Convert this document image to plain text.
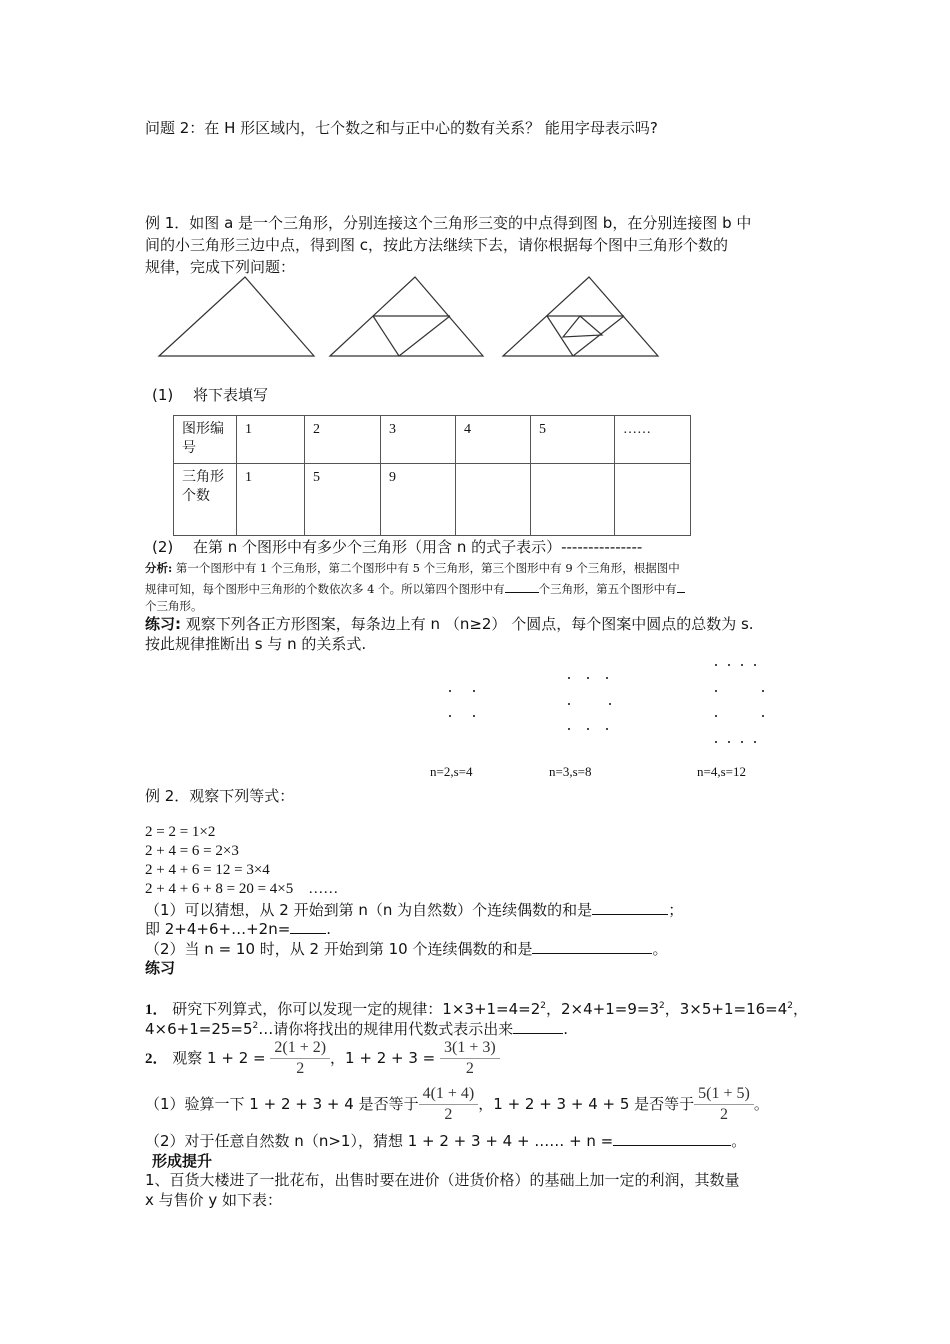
问题 2：在 H 形区域内，七个数之和与正中心的数有关系？ 能用字母表示吗?
例 1．如图 a 是一个三角形，分别连接这个三角形三变的中点得到图 b，在分别连接图 b 中
间的小三角形三边中点，得到图 c，按此方法继续下去，请你根据每个图中三角形个数的
规律，完成下列问题：
(1)　 将下表填写
图形编号	1	2	3	4	5	……
三角形个数	1	5	9			
(2)　 在第 n 个图形中有多少个三角形（用含 n 的式子表示）---------------
分析: 第一个图形中有 1 个三角形，第二个图形中有 5 个三角形，第三个图形中有 9 个三角形，根据图中
规律可知，每个图形中三角形的个数依次多 4 个。所以第四个图形中有	个三角形，第五个图形中有
个三角形。
练习: 观察下列各正方形图案，每条边上有 n （n≥2） 个圆点，每个图案中圆点的总数为 s.
按此规律推断出 s 与 n 的关系式.
n=2,s=4	n=3,s=8	n=4,s=12
例 2．观察下列等式：
2 = 2 = 1×2
2 + 4 = 6 = 2×3
2 + 4 + 6 = 12 = 3×4
2 + 4 + 6 + 8 = 20 = 4×5　……
（1）可以猜想，从 2 开始到第 n（n 为自然数）个连续偶数的和是	；
即 2+4+6+…+2n= .
（2）当 n = 10 时，从 2 开始到第 10 个连续偶数的和是	。
练习
1． 研究下列算式，你可以发现一定的规律：$1\times 3+1=4=2^2$，$2\times 4+1=9=3^2$，$3\times 5+1=16=4^2$，
$4\times 6+1=25=5^2\dots$请你将找出的规律用代数式表示出来	.
2． 观察 $1 + 2 = \frac{2(1 + 2)}{2}$ ，$1 + 2 + 3 = \frac{3(1 + 3)}{2}$
（1）验算一下 1 + 2 + 3 + 4 是否等于 $\frac{4(1 + 4)}{2}$ ，1 + 2 + 3 + 4 + 5 是否等于 $\frac{5(1 + 5)}{2}$ 。
（2）对于任意自然数 n（n>1），猜想 1 + 2 + 3 + 4 + …… + n =	。
形成提升
1、百货大楼进了一批花布，出售时要在进价（进货价格）的基础上加一定的利润，其数量
x 与售价 y 如下表：
